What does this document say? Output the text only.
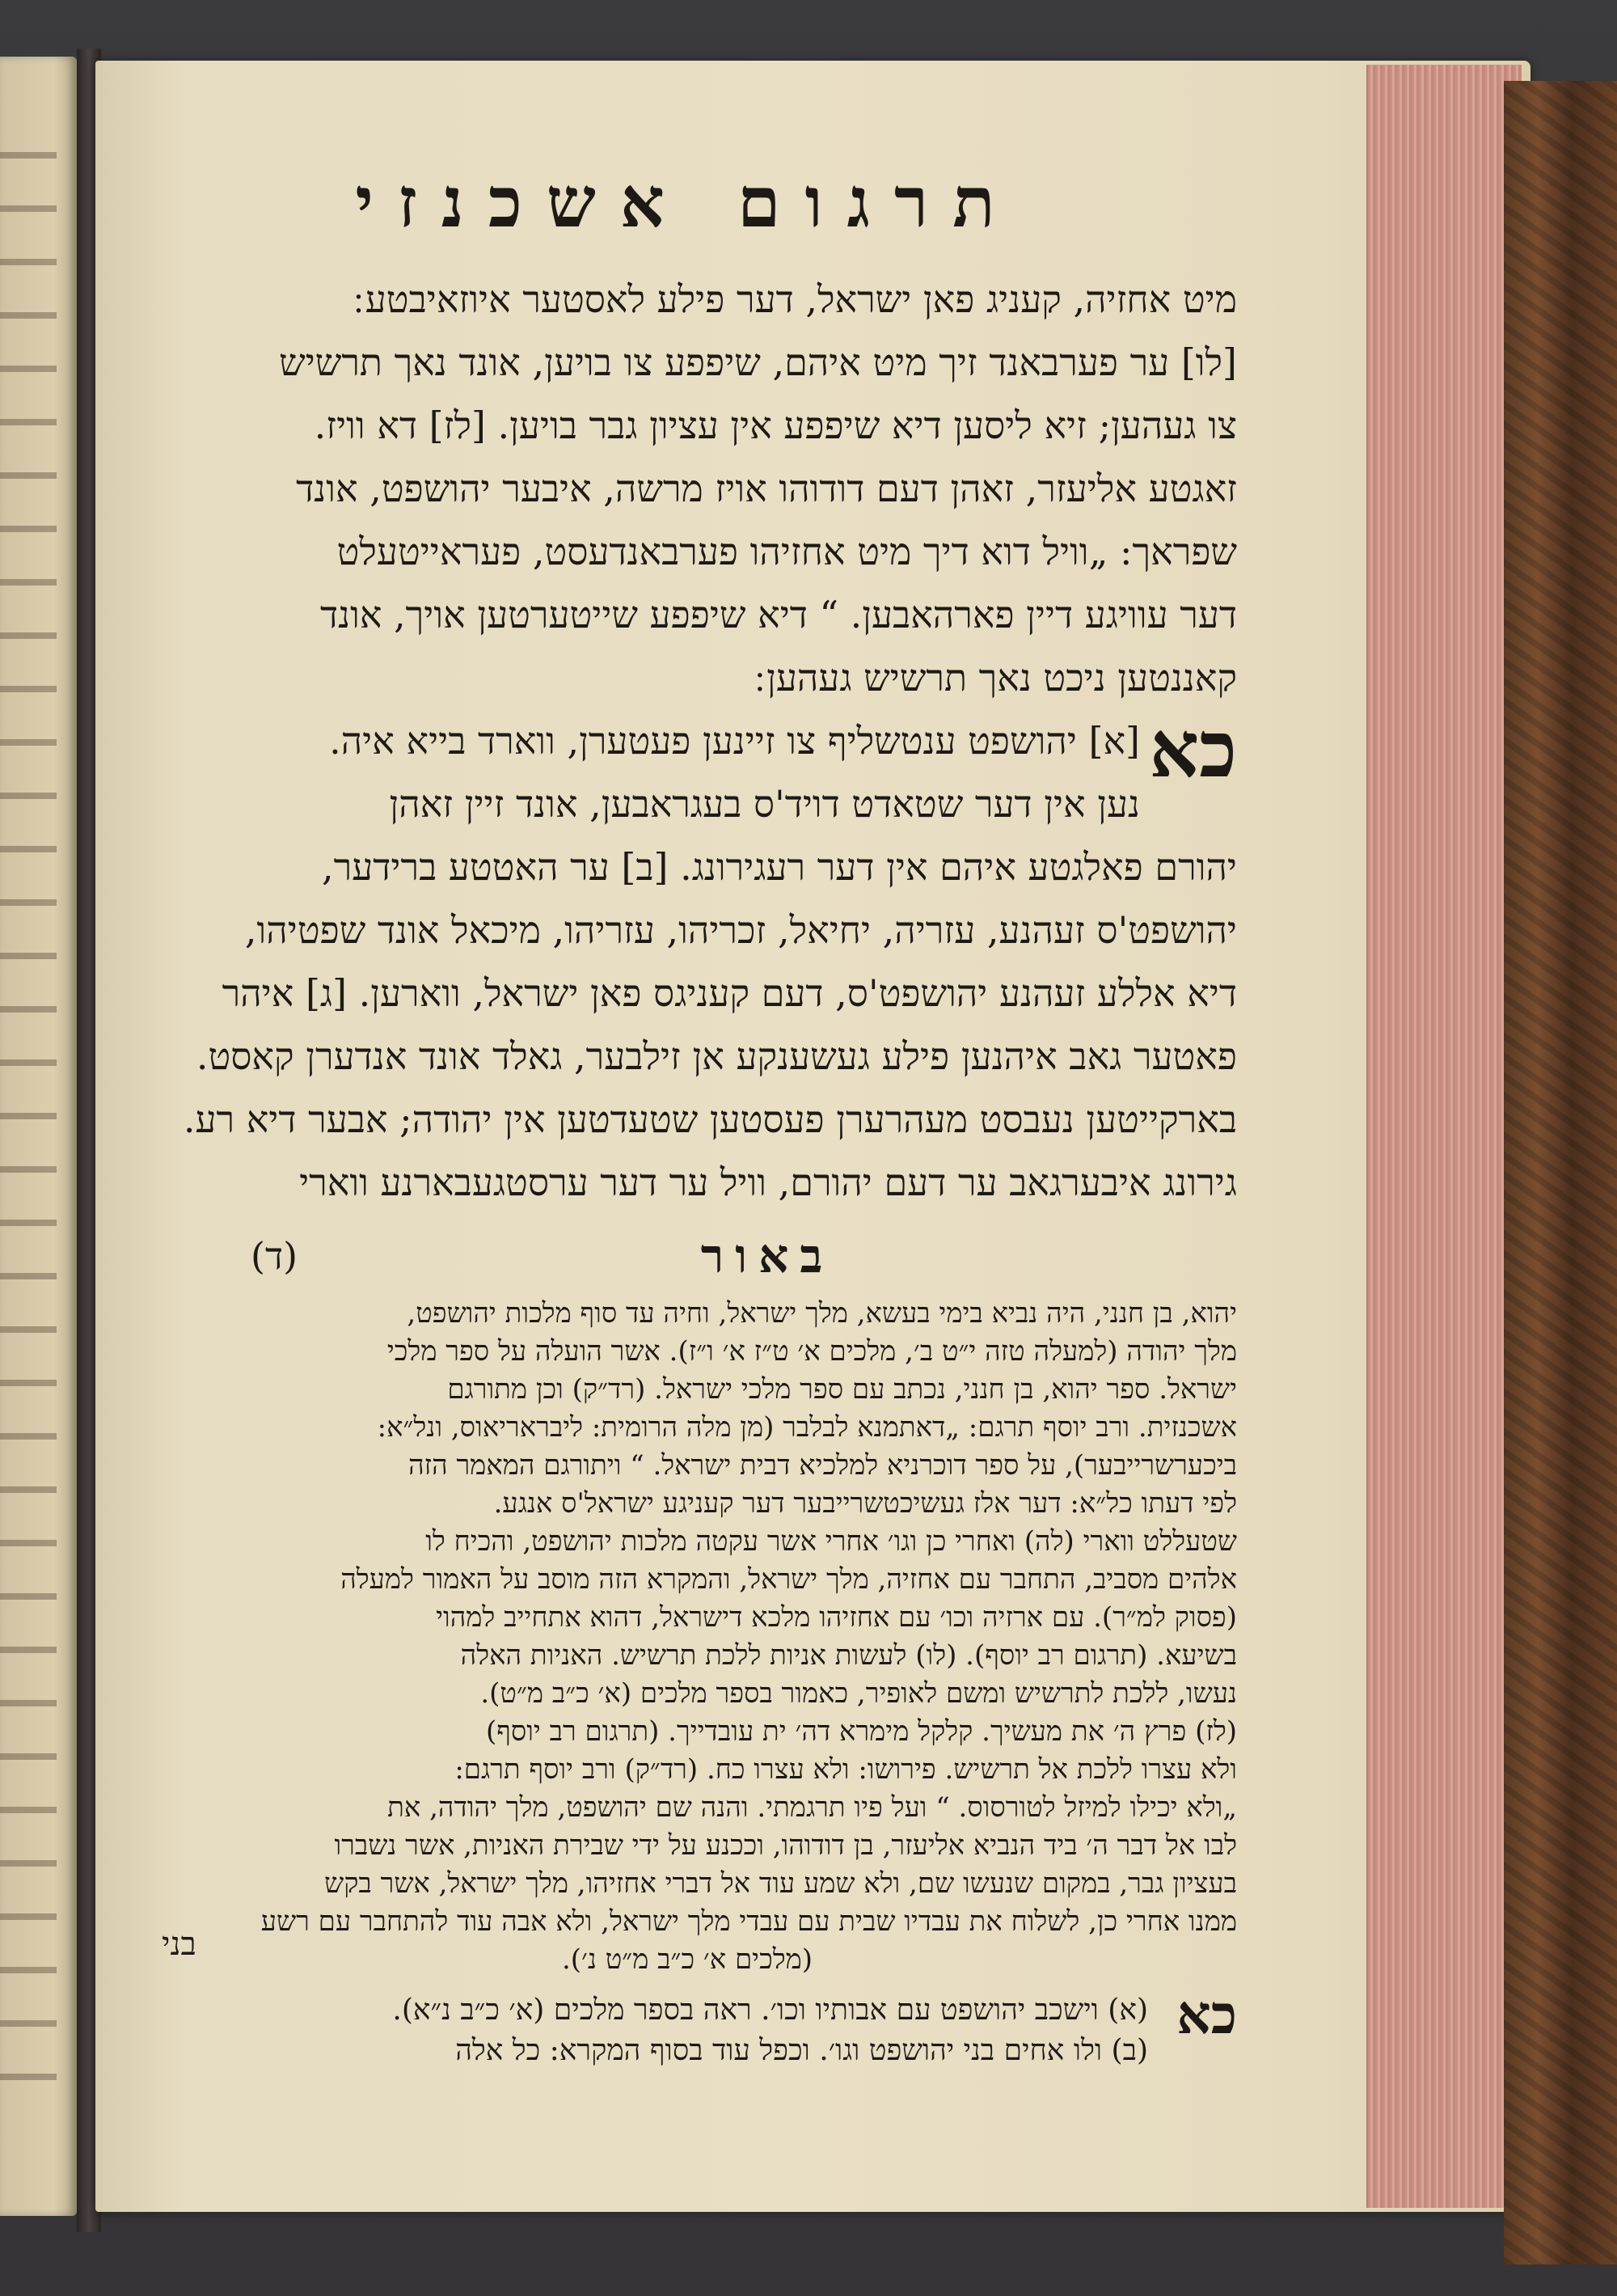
תרגום אשכנזי
מיט אחזיה, קעניג פאן ישראל, דער פילע לאסטער איוזאיבטע ׃
[לו] ער פערבאנד זיך מיט איהם, שיפפע צו בויען, אונד נאך תרשיש
צו געהען; זיא ליסען דיא שיפפע אין עציון גבר בויען. [לז] דא וויז.
זאגטע אליעזר, זאהן דעם דודוהו אויז מרשה, איבער יהושפט, אונד
שפראך: „וויל דוא דיך מיט אחזיהו פערבאנדעסט, פעראייטעלט
דער עוויגע דיין פארהאבען. “ דיא שיפפע שייטערטען אויך, אונד
קאננטען ניכט נאך תרשיש געהען ׃
כא
[א] יהושפט ענטשליף צו זיינען פעטערן, ווארד בייא איה.
נען אין דער שטאדט דויד'ס בעגראבען, אונד זיין זאהן
יהורם פאלגטע איהם אין דער רעגירונג. [ב] ער האטטע ברידער,
יהושפט'ס זעהנע, עזריה, יחיאל, זכריהו, עזריהו, מיכאל אונד שפטיהו,
דיא אללע זעהנע יהושפט'ס, דעם קעניגס פאן ישראל, ווארען. [ג] איהר
פאטער גאב איהנען פילע געשענקע אן זילבער, גאלד אונד אנדערן קאסט.
בארקייטען נעבסט מעהרערן פעסטען שטעדטען אין יהודה; אבער דיא רע.
גירונג איבערגאב ער דעם יהורם, וויל ער דער ערסטגעבארנע ווארי
באור
(ד)
יהוא, בן חנני, היה נביא בימי בעשא, מלך ישראל, וחיה עד סוף מלכות יהושפט,
מלך יהודה (למעלה טזה י״ט ב׳, מלכים א׳ ט״ז א׳ ו״ז). אשר הועלה על ספר מלכי
ישראל. ספר יהוא, בן חנני, נכתב עם ספר מלכי ישראל. (רד״ק) וכן מתורגם
אשכנזית. ורב יוסף תרגם: „דאתמנא לבלבר (מן מלה הרומית: ליבראריאוס, ונל״א:
ביכערשרייבער), על ספר דוכרניא למלכיא דבית ישראל. “ ויתורגם המאמר הזה
לפי דעתו כל״א: דער אלז געשיכטשרייבער דער קעניגע ישראל'ס אנגע.
שטעללט ווארי (לה) ואחרי כן וגו׳ אחרי אשר עקטה מלכות יהושפט, והכיח לו
אלהים מסביב, התחבר עם אחזיה, מלך ישראל, והמקרא הזה מוסב על האמור למעלה
(פסוק למ״ר). עם ארזיה וכו׳ עם אחזיהו מלכא דישראל, דהוא אתחייב למהוי
בשיעא. (תרגום רב יוסף). (לו) לעשות אניות ללכת תרשיש. האניות האלה
נעשו, ללכת לתרשיש ומשם לאופיר, כאמור בספר מלכים (א׳ כ״ב מ״ט).
(לז) פרץ ה׳ את מעשיך. קלקל מימרא דה׳ ית עובדייך. (תרגום רב יוסף)
ולא עצרו ללכת אל תרשיש. פירושו: ולא עצרו כח. (רד״ק) ורב יוסף תרגם:
„ולא יכילו למיזל לטורסוס. “ ועל פיו תרגמתי. והנה שם יהושפט, מלך יהודה, את
לבו אל דבר ה׳ ביד הנביא אליעזר, בן דודוהו, וככנע על ידי שבירת האניות, אשר נשברו
בעציון גבר, במקום שנעשו שם, ולא שמע עוד אל דברי אחזיהו, מלך ישראל, אשר בקש
ממנו אחרי כן, לשלוח את עבדיו שבית עם עבדי מלך ישראל, ולא אבה עוד להתחבר עם רשע
(מלכים א׳ כ״ב מ״ט נ׳).
כא
(א) וישכב יהושפט עם אבותיו וכו׳. ראה בספר מלכים (א׳ כ״ב נ״א).
(ב) ולו אחים בני יהושפט וגו׳. וכפל עוד בסוף המקרא: כל אלה
בני
